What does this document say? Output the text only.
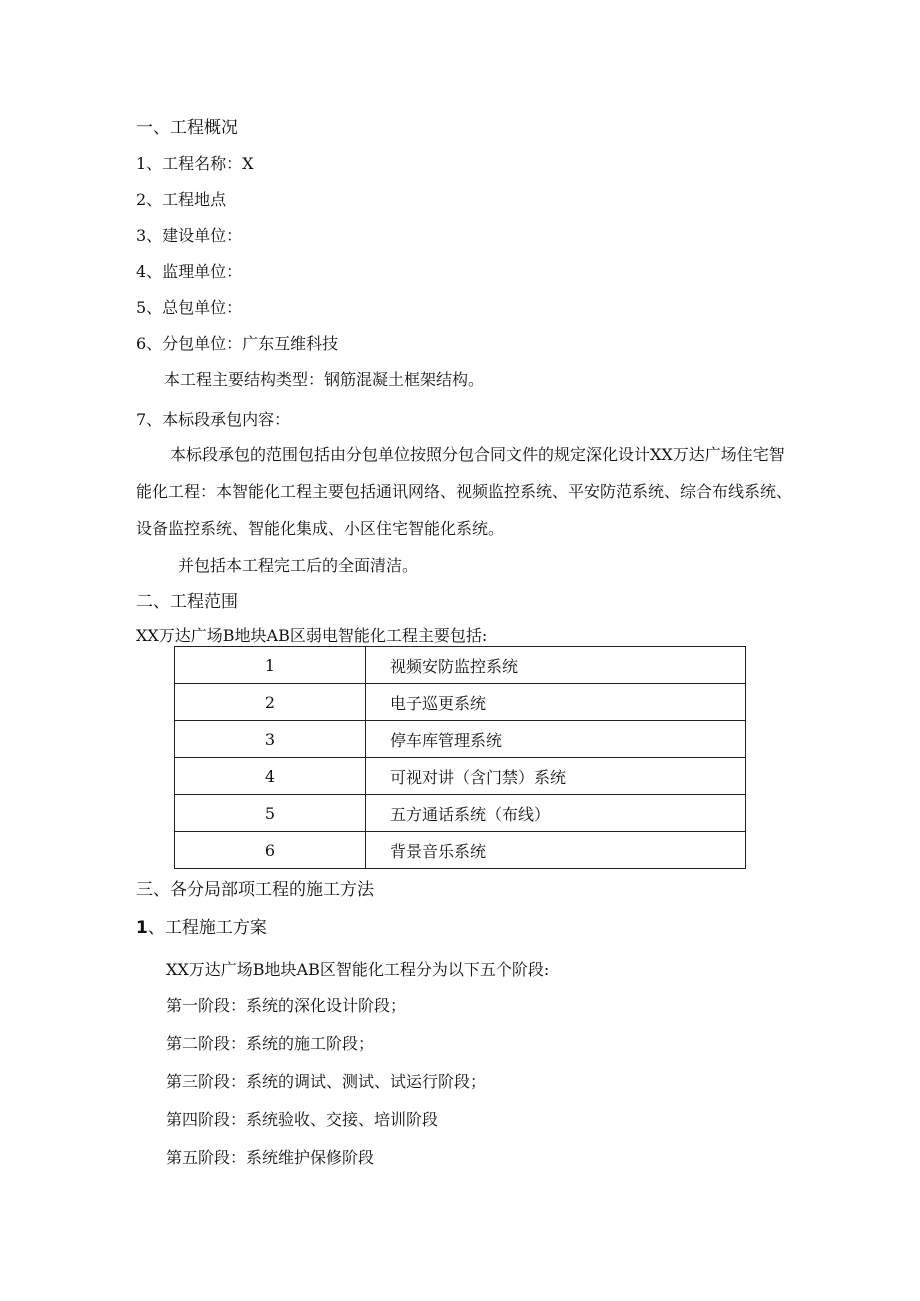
一、工程概况
1、工程名称：X
2、工程地点
3、建设单位：
4、监理单位：
5、总包单位：
6、分包单位：广东互维科技
本工程主要结构类型：钢筋混凝土框架结构。
7、本标段承包内容：
本标段承包的范围包括由分包单位按照分包合同文件的规定深化设计XX万达广场住宅智能化工程：本智能化工程主要包括通讯网络、视频监控系统、平安防范系统、综合布线系统、设备监控系统、智能化集成、小区住宅智能化系统。
并包括本工程完工后的全面清洁。
二、工程范围
XX万达广场B地块AB区弱电智能化工程主要包括:
1	视频安防监控系统
2	电子巡更系统
3	停车库管理系统
4	可视对讲（含门禁）系统
5	五方通话系统（布线）
6	背景音乐系统
三、各分局部项工程的施工方法
1、工程施工方案
XX万达广场B地块AB区智能化工程分为以下五个阶段:
第一阶段：系统的深化设计阶段；
第二阶段：系统的施工阶段；
第三阶段：系统的调试、测试、试运行阶段；
第四阶段：系统验收、交接、培训阶段
第五阶段：系统维护保修阶段
